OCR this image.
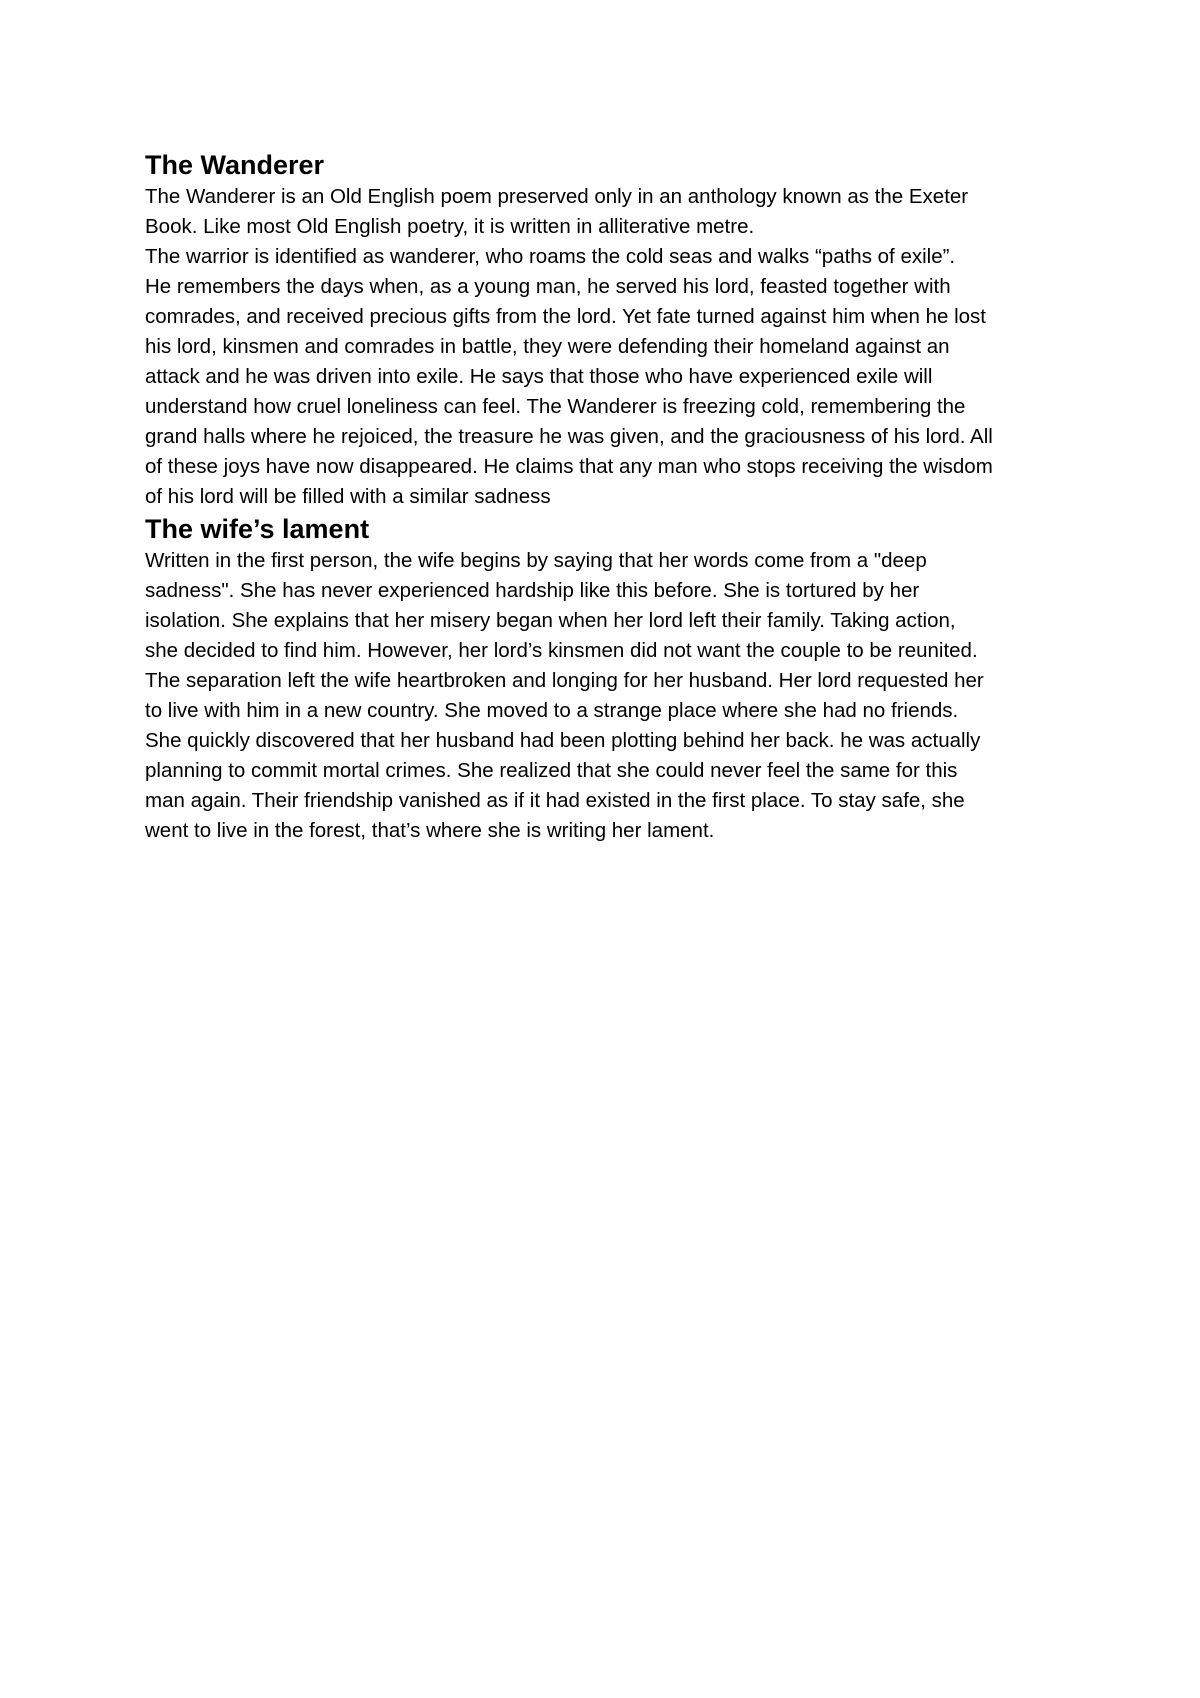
The Wanderer

The Wanderer is an Old English poem preserved only in an anthology known as the Exeter

Book. Like most Old English poetry, it is written in alliterative metre.

The warrior is identified as wanderer, who roams the cold seas and walks “paths of exile”.

He remembers the days when, as a young man, he served his lord, feasted together with

comrades, and received precious gifts from the lord. Yet fate turned against him when he lost

his lord, kinsmen and comrades in battle, they were defending their homeland against an

attack and he was driven into exile. He says that those who have experienced exile will

understand how cruel loneliness can feel. The Wanderer is freezing cold, remembering the

grand halls where he rejoiced, the treasure he was given, and the graciousness of his lord. All

of these joys have now disappeared. He claims that any man who stops receiving the wisdom

of his lord will be filled with a similar sadness

The wife’s lament

Written in the first person, the wife begins by saying that her words come from a "deep

sadness". She has never experienced hardship like this before. She is tortured by her

isolation. She explains that her misery began when her lord left their family. Taking action,

she decided to find him. However, her lord’s kinsmen did not want the couple to be reunited.

The separation left the wife heartbroken and longing for her husband. Her lord requested her

to live with him in a new country. She moved to a strange place where she had no friends.

She quickly discovered that her husband had been plotting behind her back. he was actually

planning to commit mortal crimes. She realized that she could never feel the same for this

man again. Their friendship vanished as if it had existed in the first place. To stay safe, she

went to live in the forest, that’s where she is writing her lament.
